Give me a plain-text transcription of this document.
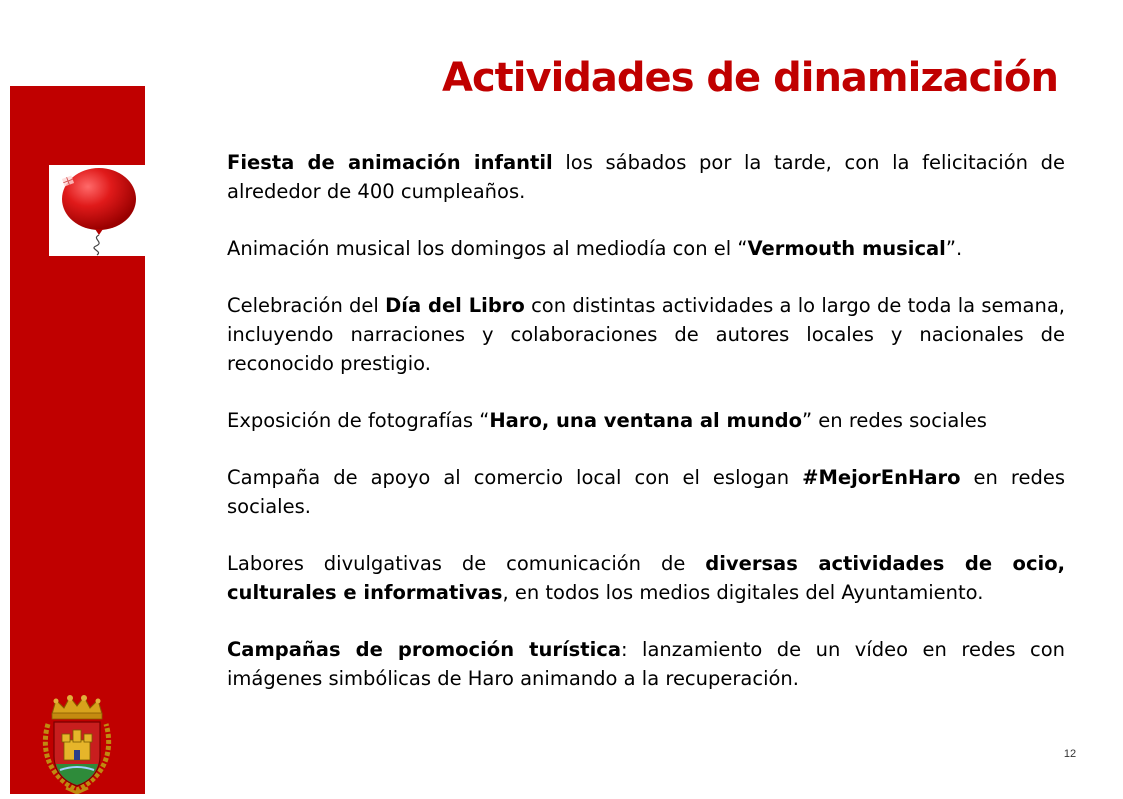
Actividades de dinamización

Fiesta de animación infantil los sábados por la tarde, con la felicitación de alrededor de 400 cumpleaños.

Animación musical los domingos al mediodía con el “Vermouth musical”.

Celebración del Día del Libro con distintas actividades a lo largo de toda la semana, incluyendo narraciones y colaboraciones de autores locales y nacionales de reconocido prestigio.

Exposición de fotografías “Haro, una ventana al mundo” en redes sociales

Campaña de apoyo al comercio local con el eslogan #MejorEnHaro en redes sociales.

Labores divulgativas de comunicación de diversas actividades de ocio, culturales e informativas, en todos los medios digitales del Ayuntamiento.

Campañas de promoción turística: lanzamiento de un vídeo en redes con imágenes simbólicas de Haro animando a la recuperación.

12
